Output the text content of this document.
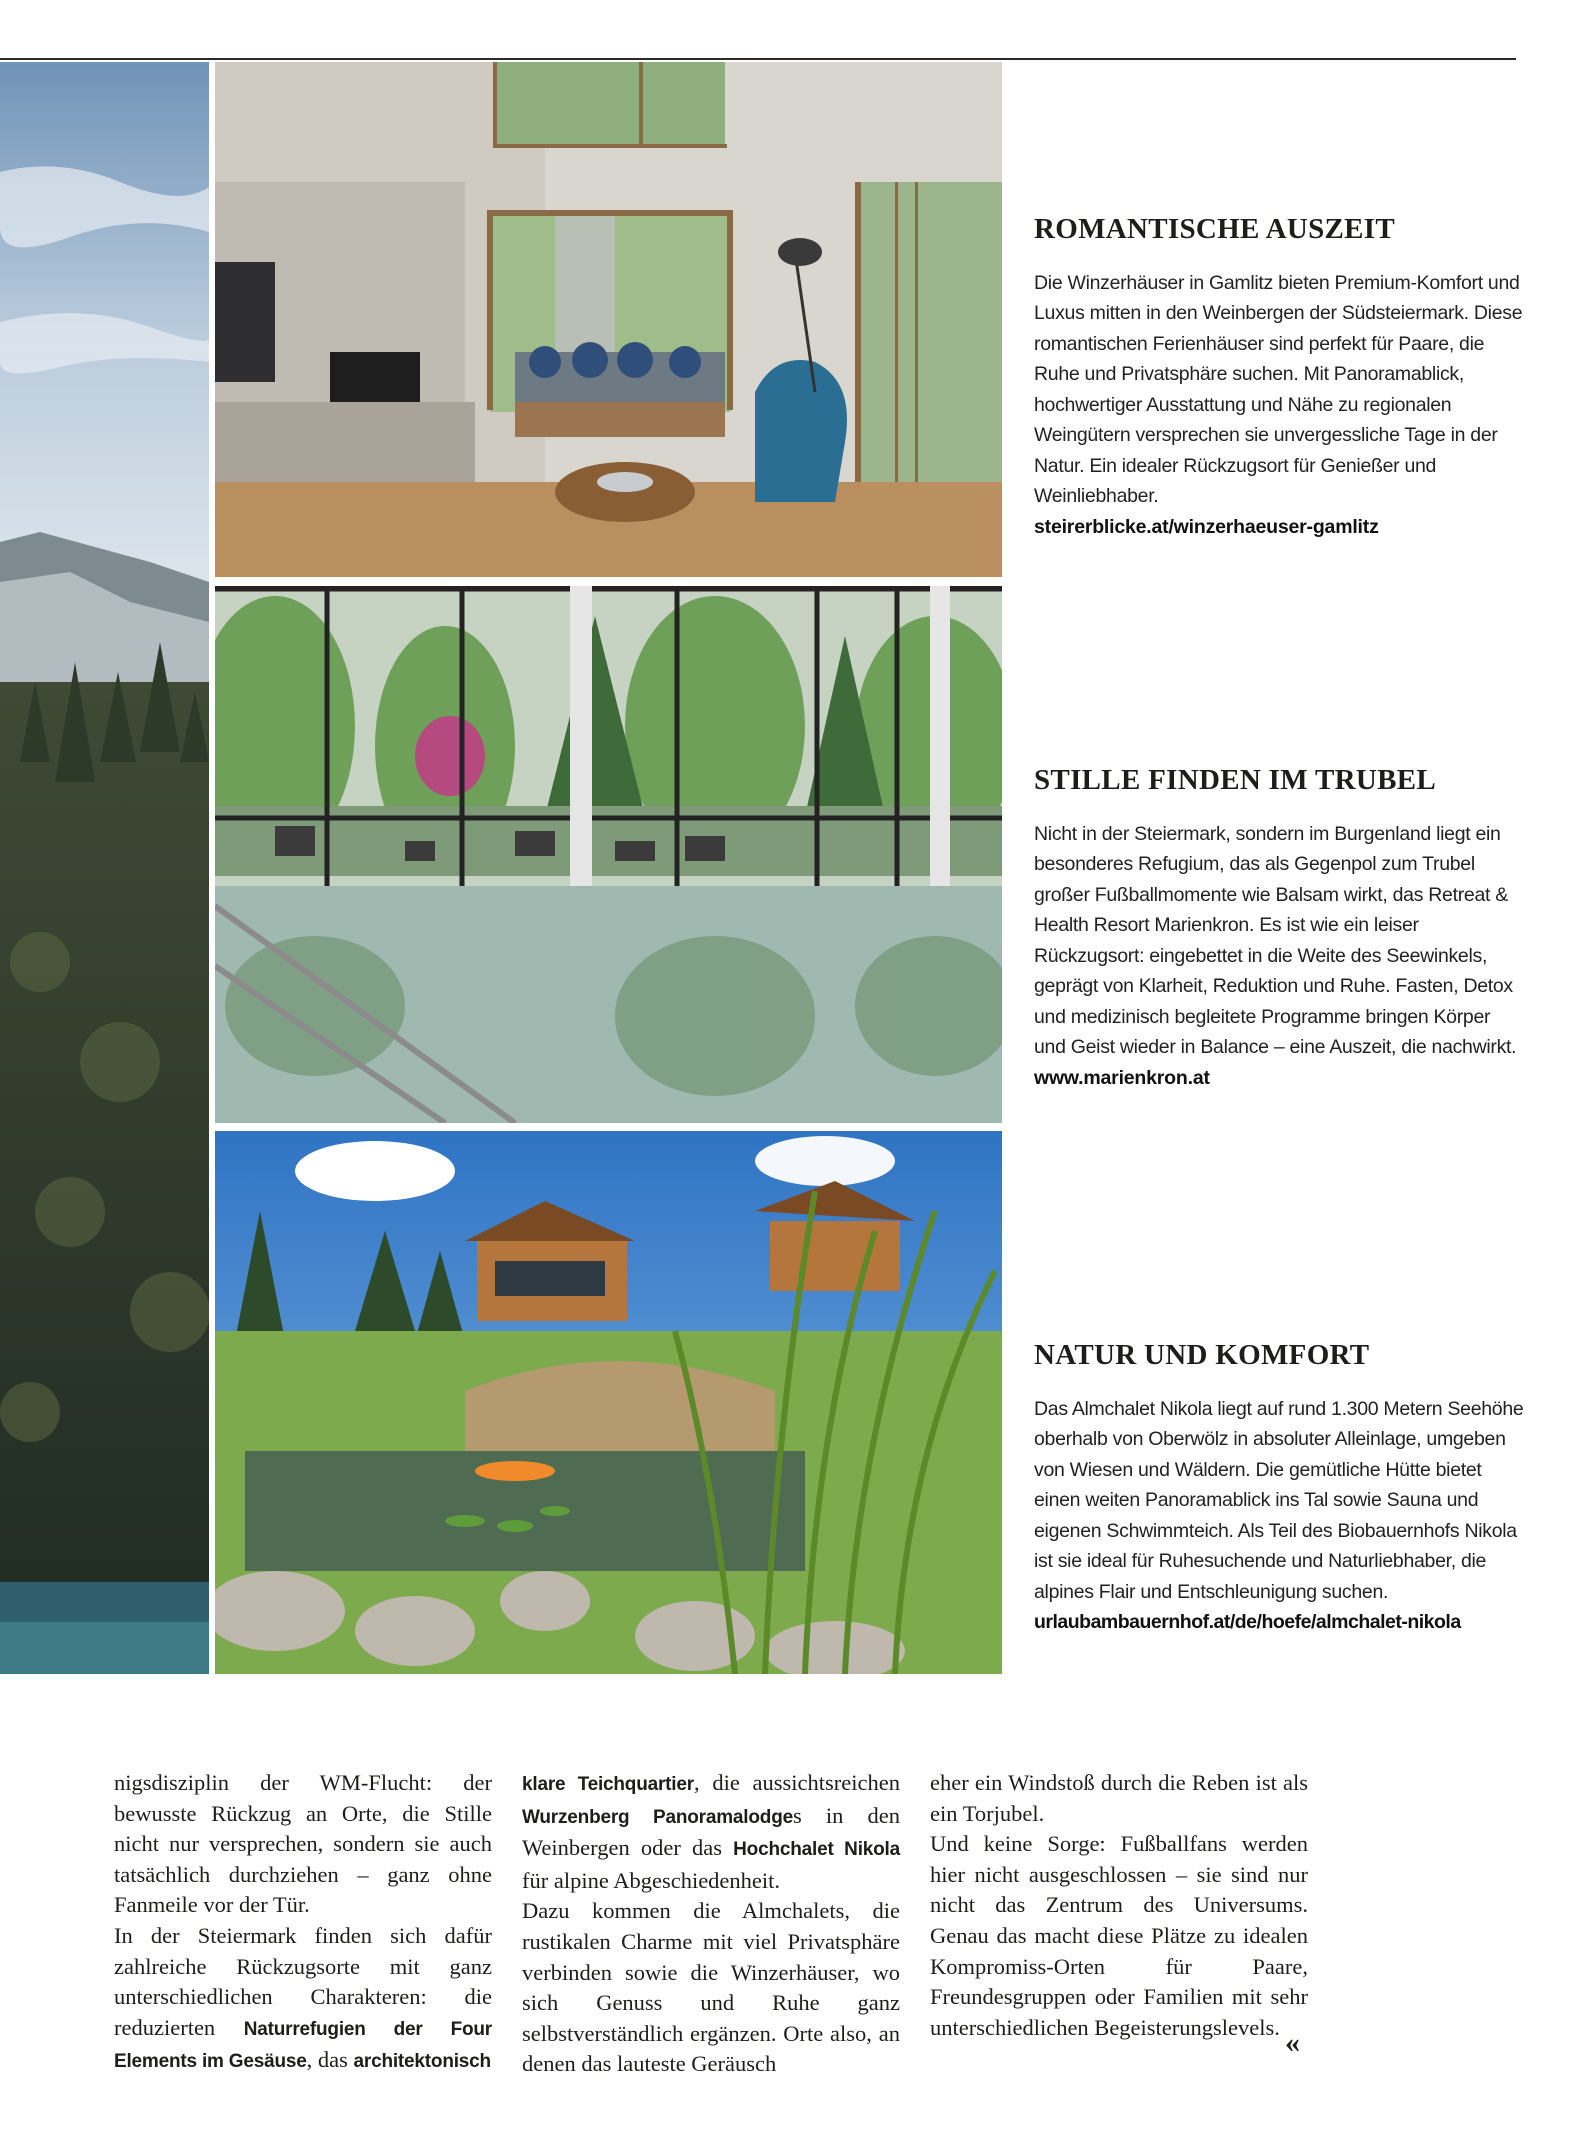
ROMANTISCHE AUSZEIT

Die Winzerhäuser in Gamlitz bieten Premium-Komfort und Luxus mitten in den Weinbergen der Südsteiermark. Diese romantischen Ferienhäuser sind perfekt für Paare, die Ruhe und Privatsphäre suchen. Mit Panoramablick, hochwertiger Ausstattung und Nähe zu regionalen Weingütern versprechen sie unvergessliche Tage in der Natur. Ein idealer Rückzugsort für Genießer und Weinliebhaber.

steirerblicke.at/winzerhaeuser-gamlitz
STILLE FINDEN IM TRUBEL

Nicht in der Steiermark, sondern im Burgenland liegt ein besonderes Refugium, das als Gegenpol zum Trubel großer Fußballmomente wie Balsam wirkt, das Retreat & Health Resort Marienkron. Es ist wie ein leiser Rückzugsort: eingebettet in die Weite des Seewinkels, geprägt von Klarheit, Reduktion und Ruhe. Fasten, Detox und medizinisch begleitete Programme bringen Körper und Geist wieder in Balance – eine Auszeit, die nachwirkt.

www.marienkron.at
NATUR UND KOMFORT

Das Almchalet Nikola liegt auf rund 1.300 Metern Seehöhe oberhalb von Oberwölz in absoluter Alleinlage, umgeben von Wiesen und Wäldern. Die gemütliche Hütte bietet einen weiten Panoramablick ins Tal sowie Sauna und eigenen Schwimmteich. Als Teil des Biobauernhofs Nikola ist sie ideal für Ruhesuchende und Naturliebhaber, die alpines Flair und Entschleunigung suchen.

urlaubambauernhof.at/de/hoefe/almchalet-nikola

nigsdisziplin der WM-Flucht: der bewusste Rückzug an Orte, die Stille nicht nur versprechen, sondern sie auch tatsächlich durchziehen – ganz ohne Fanmeile vor der Tür.

In der Steiermark finden sich dafür zahlreiche Rückzugsorte mit ganz unterschiedlichen Charakteren: die reduzierten Naturrefugien der Four Elements im Gesäuse, das architektonisch

klare Teichquartier, die aussichtsreichen Wurzenberg Panoramalodges in den Weinbergen oder das Hochchalet Nikola für alpine Abgeschiedenheit.

Dazu kommen die Almchalets, die rustikalen Charme mit viel Privatsphäre verbinden sowie die Winzerhäuser, wo sich Genuss und Ruhe ganz selbstverständlich ergänzen. Orte also, an denen das lauteste Geräusch

eher ein Windstoß durch die Reben ist als ein Torjubel.

Und keine Sorge: Fußballfans werden hier nicht ausgeschlossen – sie sind nur nicht das Zentrum des Universums. Genau das macht diese Plätze zu idealen Kompromiss-Orten für Paare, Freundesgruppen oder Familien mit sehr unterschiedlichen Begeisterungslevels. «
